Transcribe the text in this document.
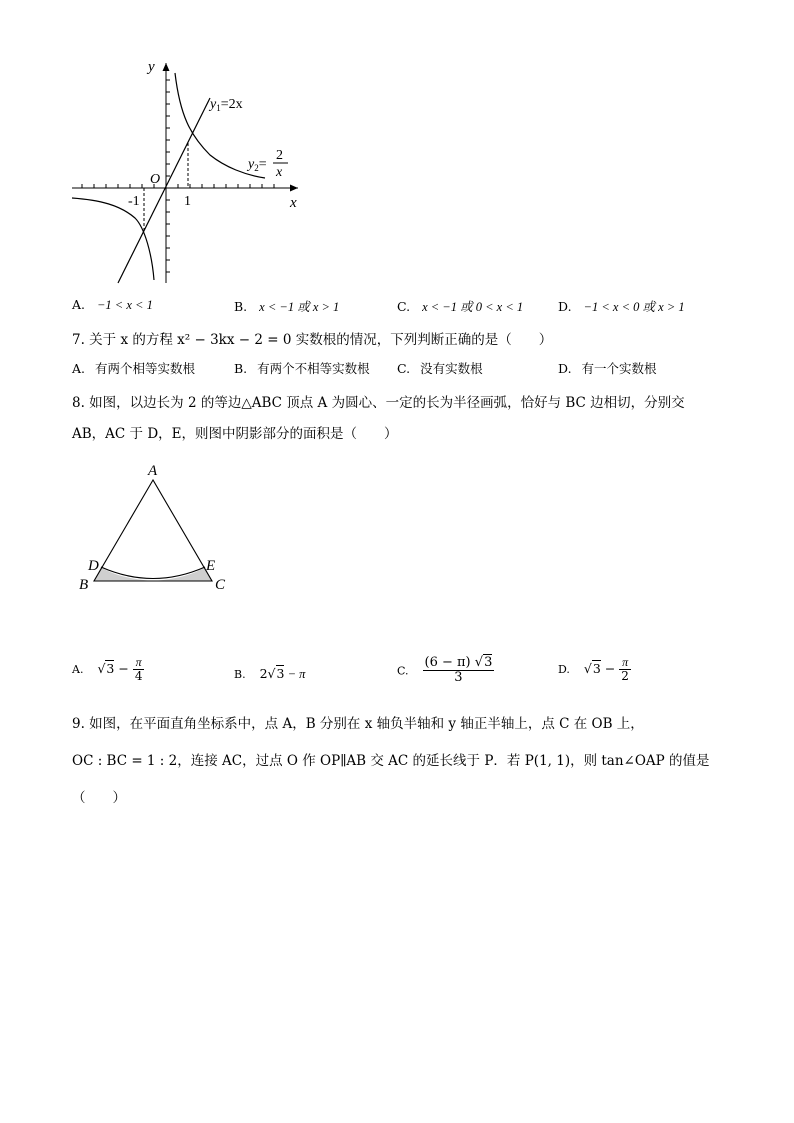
y
x
O
-1	1
$y_1=2x$
$y_2=$
2
x
A. −1 < x < 1	B. x < −1 或 x > 1	C. x < −1 或 0 < x < 1	D. −1 < x < 0 或 x > 1
7. 关于 x 的方程 x² − 3kx − 2 = 0 实数根的情况，下列判断正确的是（　　）
A. 有两个相等实数根	B. 有两个不相等实数根 C. 没有实数根	D. 有一个实数根
8. 如图，以边长为 2 的等边△ABC 顶点 A 为圆心、一定的长为半径画弧，恰好与 BC 边相切，分别交
AB，AC 于 D，E，则图中阴影部分的面积是（　　）
A
B	C
D	E
A. $√3 - \frac{\pi}{4}$	B. 2√3 − π	C. $\frac{(6 - \pi) √3}{3}$	D. $√3 - \frac{\pi}{2}$
9. 如图，在平面直角坐标系中，点 A，B 分别在 x 轴负半轴和 y 轴正半轴上，点 C 在 OB 上，
OC : BC = 1 : 2，连接 AC，过点 O 作 OP∥AB 交 AC 的延长线于 P．若 P(1, 1)，则 tan∠OAP 的值是
（　　）
